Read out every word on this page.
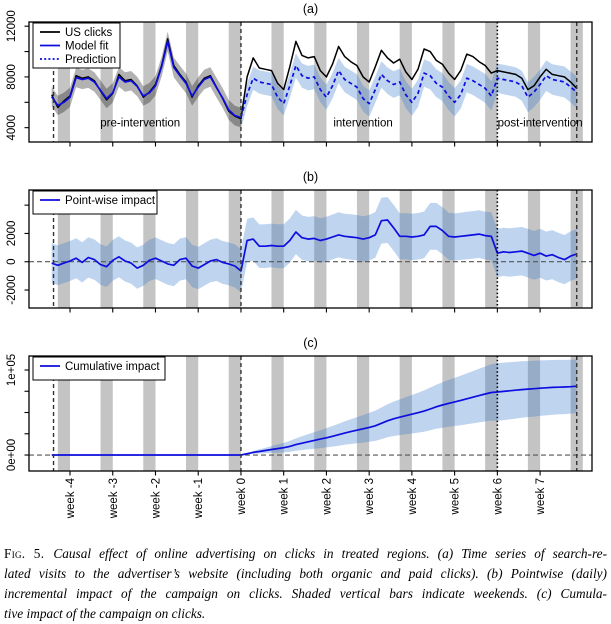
4000
8000
12000
(a)
US clicks
Model fit
Prediction
pre-intervention	intervention	post-intervention
-2000
0
2000
(b)
Point-wise impact
0e+00
1e+05
(c)
Cumulative impact
week -4	week -3	week -2	week -1	week 0	week 1	week 2	week 3	week 4	week 5	week 6	week 7
Fig. 5. Causal effect of online advertising on clicks in treated regions. (a) Time series of search-re-
lated visits to the advertiser’s website (including both organic and paid clicks). (b) Pointwise (daily)
incremental impact of the campaign on clicks. Shaded vertical bars indicate weekends. (c) Cumula-
tive impact of the campaign on clicks.
